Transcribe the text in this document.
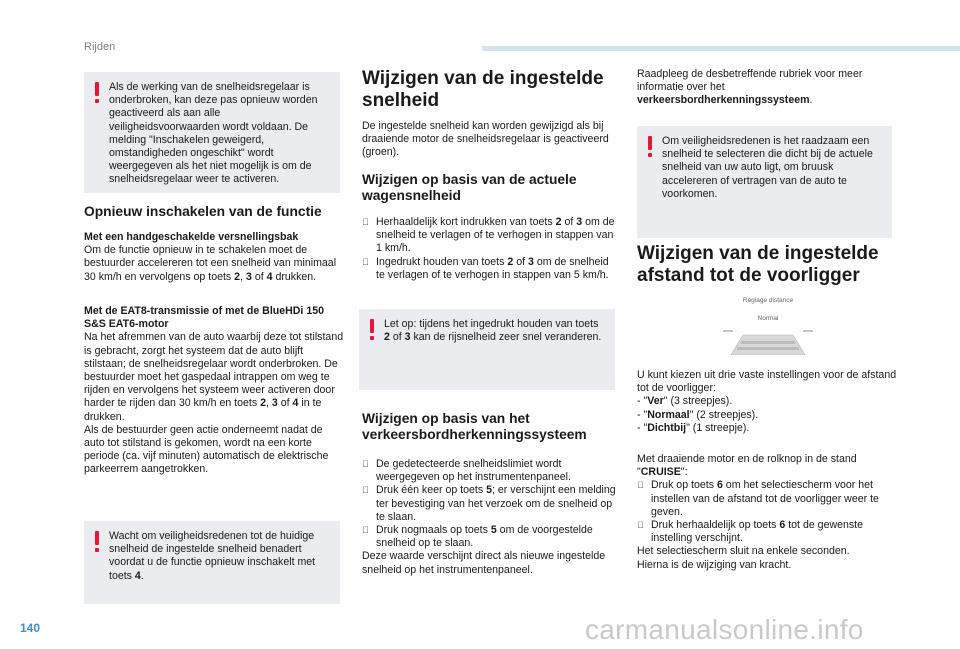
Rijden
140	carmanualsonline.info
Als de werking van de snelheidsregelaar is onderbroken, kan deze pas opnieuw worden geactiveerd als aan alle veiligheidsvoorwaarden wordt voldaan. De melding "Inschakelen geweigerd, omstandigheden ongeschikt" wordt weergegeven als het niet mogelijk is om de snelheidsregelaar weer te activeren.
Opnieuw inschakelen van de functie
Met een handgeschakelde versnellingsbak
Om de functie opnieuw in te schakelen moet de bestuurder accelereren tot een snelheid van minimaal 30 km/h en vervolgens op toets 2, 3 of 4 drukken.
Met de EAT8-transmissie of met de BlueHDi 150 S&S EAT6-motor
Na het afremmen van de auto waarbij deze tot stilstand is gebracht, zorgt het systeem dat de auto blijft stilstaan; de snelheidsregelaar wordt onderbroken. De bestuurder moet het gaspedaal intrappen om weg te rijden en vervolgens het systeem weer activeren door harder te rijden dan 30 km/h en toets 2, 3 of 4 in te drukken.
Als de bestuurder geen actie onderneemt nadat de auto tot stilstand is gekomen, wordt na een korte periode (ca. vijf minuten) automatisch de elektrische parkeerrem aangetrokken.
Wacht om veiligheidsredenen tot de huidige snelheid de ingestelde snelheid benadert voordat u de functie opnieuw inschakelt met toets 4.
Wijzigen van de ingestelde snelheid
De ingestelde snelheid kan worden gewijzigd als bij draaiende motor de snelheidsregelaar is geactiveerd (groen).
Wijzigen op basis van de actuele wagensnelheid
Herhaaldelijk kort indrukken van toets 2 of 3 om de snelheid te verlagen of te verhogen in stappen van 1 km/h.
Ingedrukt houden van toets 2 of 3 om de snelheid te verlagen of te verhogen in stappen van 5 km/h.
Let op: tijdens het ingedrukt houden van toets 2 of 3 kan de rijsnelheid zeer snel veranderen.
Wijzigen op basis van het verkeersbordherkenningssysteem
De gedetecteerde snelheidslimiet wordt weergegeven op het instrumentenpaneel.
Druk één keer op toets 5; er verschijnt een melding ter bevestiging van het verzoek om de snelheid op te slaan.
Druk nogmaals op toets 5 om de voorgestelde snelheid op te slaan.
Deze waarde verschijnt direct als nieuwe ingestelde snelheid op het instrumentenpaneel.
Raadpleeg de desbetreffende rubriek voor meer informatie over het verkeersbordherkenningssysteem.
Om veiligheidsredenen is het raadzaam een snelheid te selecteren die dicht bij de actuele snelheid van uw auto ligt, om bruusk accelereren of vertragen van de auto te voorkomen.
Wijzigen van de ingestelde afstand tot de voorligger
Réglage distance
Normal
U kunt kiezen uit drie vaste instellingen voor de afstand tot de voorligger:
- "Ver" (3 streepjes).
- "Normaal" (2 streepjes).
- "Dichtbij" (1 streepje).
Met draaiende motor en de rolknop in de stand "CRUISE":
Druk op toets 6 om het selectiescherm voor het instellen van de afstand tot de voorligger weer te geven.
Druk herhaaldelijk op toets 6 tot de gewenste instelling verschijnt.
Het selectiescherm sluit na enkele seconden.
Hierna is de wijziging van kracht.
